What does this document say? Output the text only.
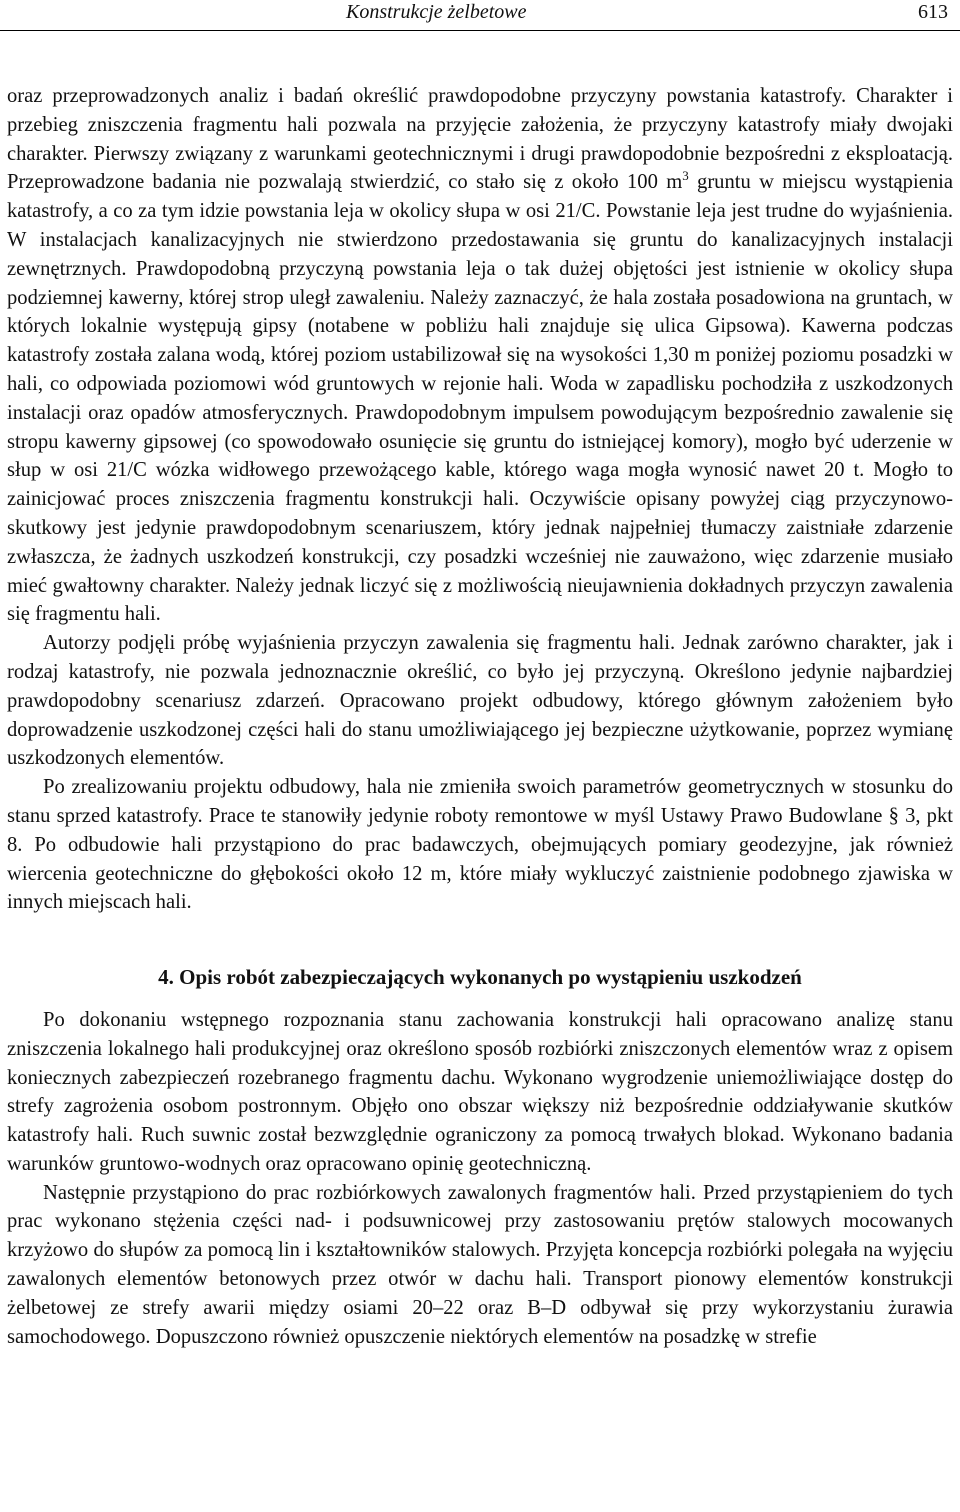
Konstrukcje żelbetowe	613

oraz przeprowadzonych analiz i badań określić prawdopodobne przyczyny powstania katastrofy. Charakter i przebieg zniszczenia fragmentu hali pozwala na przyjęcie założenia, że przyczyny katastrofy miały dwojaki charakter. Pierwszy związany z warunkami geotechnicznymi i drugi prawdopodobnie bezpośredni z eksploatacją. Przeprowadzone badania nie pozwalają stwierdzić, co stało się z około 100 $m^3$ gruntu w miejscu wystąpienia katastrofy, a co za tym idzie powstania leja w okolicy słupa w osi 21/C. Powstanie leja jest trudne do wyjaśnienia. W instalacjach kanalizacyjnych nie stwierdzono przedostawania się gruntu do kanalizacyjnych instalacji zewnętrznych. Prawdopodobną przyczyną powstania leja o tak dużej objętości jest istnienie w okolicy słupa podziemnej kawerny, której strop uległ zawaleniu. Należy zaznaczyć, że hala została posadowiona na gruntach, w których lokalnie występują gipsy (notabene w pobliżu hali znajduje się ulica Gipsowa). Kawerna podczas katastrofy została zalana wodą, której poziom ustabilizował się na wysokości 1,30 m poniżej poziomu posadzki w hali, co odpowiada poziomowi wód gruntowych w rejonie hali. Woda w zapadlisku pochodziła z uszkodzonych instalacji oraz opadów atmosferycznych. Prawdopodobnym impulsem powodującym bezpośrednio zawalenie się stropu kawerny gipsowej (co spowodowało osunięcie się gruntu do istniejącej komory), mogło być uderzenie w słup w osi 21/C wózka widłowego przewożącego kable, którego waga mogła wynosić nawet 20 t. Mogło to zainicjować proces zniszczenia fragmentu konstrukcji hali. Oczywiście opisany powyżej ciąg przyczynowo-skutkowy jest jedynie prawdopodobnym scenariuszem, który jednak najpełniej tłumaczy zaistniałe zdarzenie zwłaszcza, że żadnych uszkodzeń konstrukcji, czy posadzki wcześniej nie zauważono, więc zdarzenie musiało mieć gwałtowny charakter. Należy jednak liczyć się z możliwością nieujawnienia dokładnych przyczyn zawalenia się fragmentu hali.

Autorzy podjęli próbę wyjaśnienia przyczyn zawalenia się fragmentu hali. Jednak zarówno charakter, jak i rodzaj katastrofy, nie pozwala jednoznacznie określić, co było jej przyczyną. Określono jedynie najbardziej prawdopodobny scenariusz zdarzeń. Opracowano projekt odbudowy, którego głównym założeniem było doprowadzenie uszkodzonej części hali do stanu umożliwiającego jej bezpieczne użytkowanie, poprzez wymianę uszkodzonych elementów.

Po zrealizowaniu projektu odbudowy, hala nie zmieniła swoich parametrów geometrycznych w stosunku do stanu sprzed katastrofy. Prace te stanowiły jedynie roboty remontowe w myśl Ustawy Prawo Budowlane § 3, pkt 8. Po odbudowie hali przystąpiono do prac badawczych, obejmujących pomiary geodezyjne, jak również wiercenia geotechniczne do głębokości około 12 m, które miały wykluczyć zaistnienie podobnego zjawiska w innych miejscach hali.

4. Opis robót zabezpieczających wykonanych po wystąpieniu uszkodzeń

Po dokonaniu wstępnego rozpoznania stanu zachowania konstrukcji hali opracowano analizę stanu zniszczenia lokalnego hali produkcyjnej oraz określono sposób rozbiórki zniszczonych elementów wraz z opisem koniecznych zabezpieczeń rozebranego fragmentu dachu. Wykonano wygrodzenie uniemożliwiające dostęp do strefy zagrożenia osobom postronnym. Objęło ono obszar większy niż bezpośrednie oddziaływanie skutków katastrofy hali. Ruch suwnic został bezwzględnie ograniczony za pomocą trwałych blokad. Wykonano badania warunków gruntowo-wodnych oraz opracowano opinię geotechniczną.

Następnie przystąpiono do prac rozbiórkowych zawalonych fragmentów hali. Przed przystąpieniem do tych prac wykonano stężenia części nad- i podsuwnicowej przy zastosowaniu prętów stalowych mocowanych krzyżowo do słupów za pomocą lin i kształtowników stalowych. Przyjęta koncepcja rozbiórki polegała na wyjęciu zawalonych elementów betonowych przez otwór w dachu hali. Transport pionowy elementów konstrukcji żelbetowej ze strefy awarii między osiami 20–22 oraz B–D odbywał się przy wykorzystaniu żurawia samochodowego. Dopuszczono również opuszczenie niektórych elementów na posadzkę w strefie
